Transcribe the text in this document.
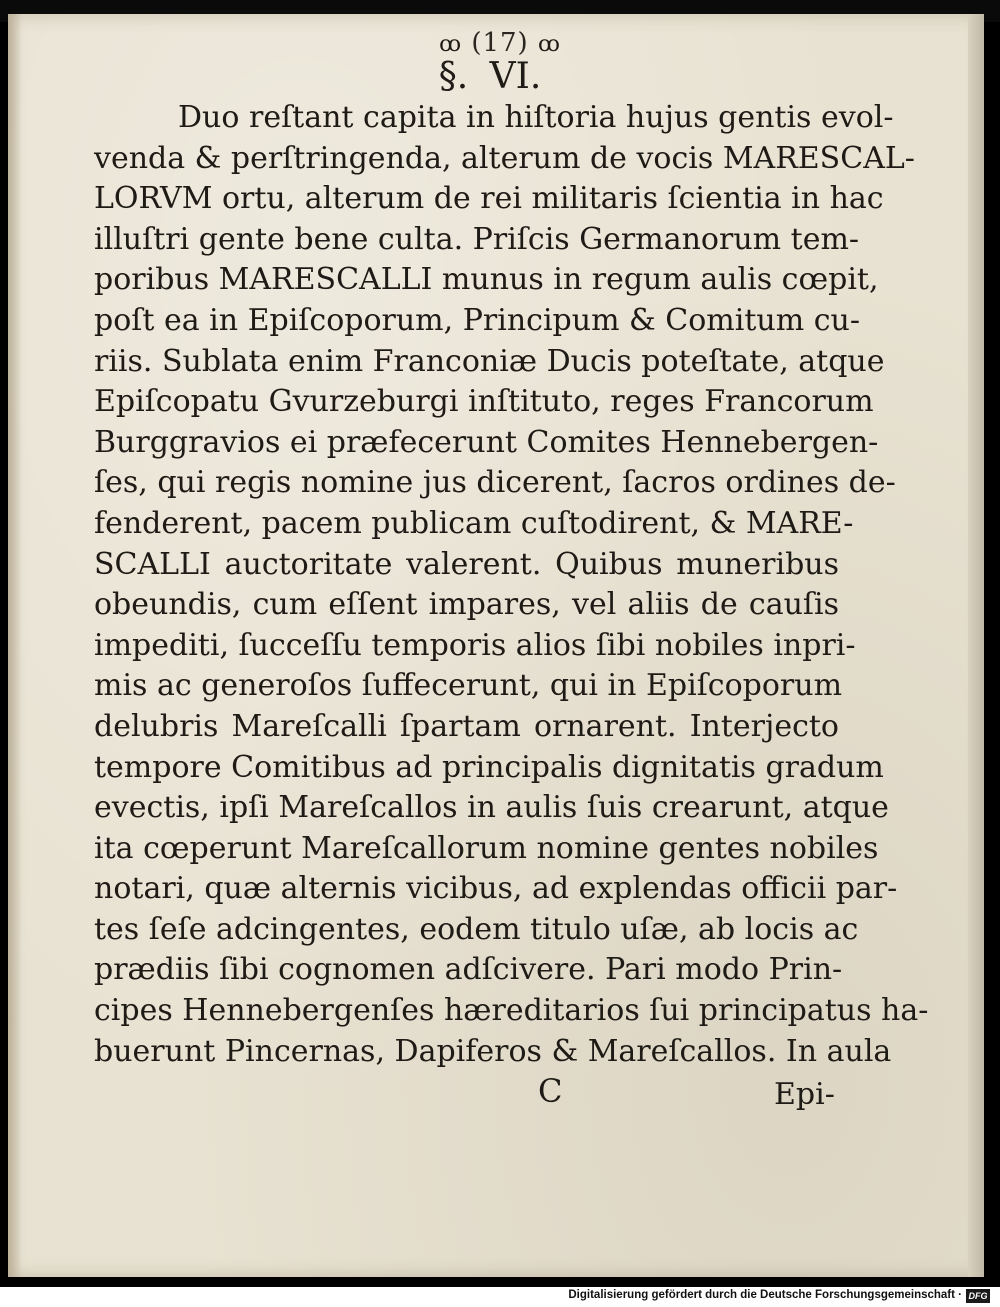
ꝏ (17) ꝏ
§. VI.
Duo reſtant capita in hiſtoria hujus gentis evol-
venda & perſtringenda, alterum de vocis MARESCAL-
LORVM ortu, alterum de rei militaris ſcientia in hac
illuſtri gente bene culta. Priſcis Germanorum tem-
poribus MARESCALLI munus in regum aulis cœpit,
poſt ea in Epiſcoporum, Principum & Comitum cu-
riis. Sublata enim Franconiæ Ducis poteſtate, atque
Epiſcopatu Gvurzeburgi inſtituto, reges Francorum
Burggravios ei præfecerunt Comites Hennebergen-
ſes, qui regis nomine jus dicerent, ſacros ordines de-
fenderent, pacem publicam cuſtodirent, & MARE-
SCALLI auctoritate valerent. Quibus muneribus
obeundis, cum eſſent impares, vel aliis de cauſis
impediti, ſucceſſu temporis alios ſibi nobiles inpri-
mis ac generoſos ſuffecerunt, qui in Epiſcoporum
delubris Mareſcalli ſpartam ornarent. Interjecto
tempore Comitibus ad principalis dignitatis gradum
evectis, ipſi Mareſcallos in aulis ſuis crearunt, atque
ita cœperunt Mareſcallorum nomine gentes nobiles
notari, quæ alternis vicibus, ad explendas officii par-
tes ſeſe adcingentes, eodem titulo uſæ, ab locis ac
prædiis ſibi cognomen adſcivere. Pari modo Prin-
cipes Hennebergenſes hæreditarios ſui principatus ha-
buerunt Pincernas, Dapiferos & Mareſcallos. In aula
C	Epi-
Digitalisierung gefördert durch die Deutsche Forschungsgemeinschaft · DFG
